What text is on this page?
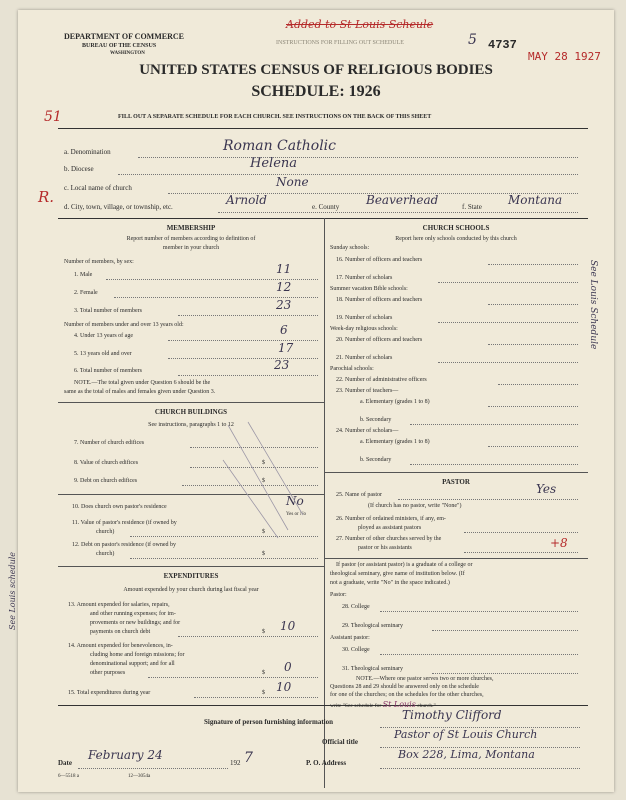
DEPARTMENT OF COMMERCE
BUREAU OF THE CENSUS
WASHINGTON
Added to St Louis Scheule
INSTRUCTIONS FOR FILLING OUT SCHEDULE	5 4737
MAY 28 1927
UNITED STATES CENSUS OF RELIGIOUS BODIES
SCHEDULE: 1926
FILL OUT A SEPARATE SCHEDULE FOR EACH CHURCH. SEE INSTRUCTIONS ON THE BACK OF THIS SHEET
51
a. Denomination	Roman Catholic
b. Diocese	Helena
c. Local name of church	None
R.
d. City, town, village, or township, etc.	Arnold	e. County Beaverhead	f. State Montana
MEMBERSHIP
Report number of members according to definition of
member in your church
Number of members, by sex:
1. Male	11
2. Female	12
3. Total number of members	23
Number of members under and over 13 years old:
4. Under 13 years of age	6
5. 13 years old and over	17
6. Total number of members	23
NOTE.—The total given under Question 6 should be the
same as the total of males and females given under Question 3.
CHURCH BUILDINGS
See instructions, paragraphs 1 to 12
7. Number of church edifices
8. Value of church edifices	$
9. Debt on church edifices	$
10. Does church own pastor's residence	No
Yes or No
11. Value of pastor's residence (if owned by
church)	$
12. Debt on pastor's residence (if owned by
church)	$
EXPENDITURES
Amount expended by your church during last fiscal year
13. Amount expended for salaries, repairs,
and other running expenses; for im-
provements or new buildings; and for
payments on church debt	$ 10
14. Amount expended for benevolences, in-
cluding home and foreign missions; for
denominational support; and for all
other purposes	$ 0
15. Total expenditures during year	$ 10
See Louis schedule
CHURCH SCHOOLS
Report here only schools conducted by this church
Sunday schools:
16. Number of officers and teachers
17. Number of scholars
Summer vacation Bible schools:
18. Number of officers and teachers
19. Number of scholars
Week-day religious schools:
20. Number of officers and teachers
21. Number of scholars
Parochial schools:
22. Number of administrative officers
23. Number of teachers—
a. Elementary (grades 1 to 8)
b. Secondary
24. Number of scholars—
a. Elementary (grades 1 to 8)
b. Secondary
See Louis Schedule
PASTOR
25. Name of pastor	Yes
(If church has no pastor, write "None")
26. Number of ordained ministers, if any, em-
ployed as assistant pastors
27. Number of other churches served by the
pastor or his assistants	+8
If pastor (or assistant pastor) is a graduate of a college or
theological seminary, give name of institution below. (If
not a graduate, write "No" in the space indicated.)
Pastor:
28. College
29. Theological seminary
Assistant pastor:
30. College
31. Theological seminary
NOTE.—Where one pastor serves two or more churches,
Questions 28 and 29 should be answered only on the schedule
for one of the churches; on the schedules for the other churches,
write "See schedule for St Louis church."
Signature of person furnishing information	Timothy Clifford
Official title
Pastor of St Louis Church
Date
February 24
192 7	P. O. Address
Box 228, Lima, Montana
6—5518 a	12—3054a
